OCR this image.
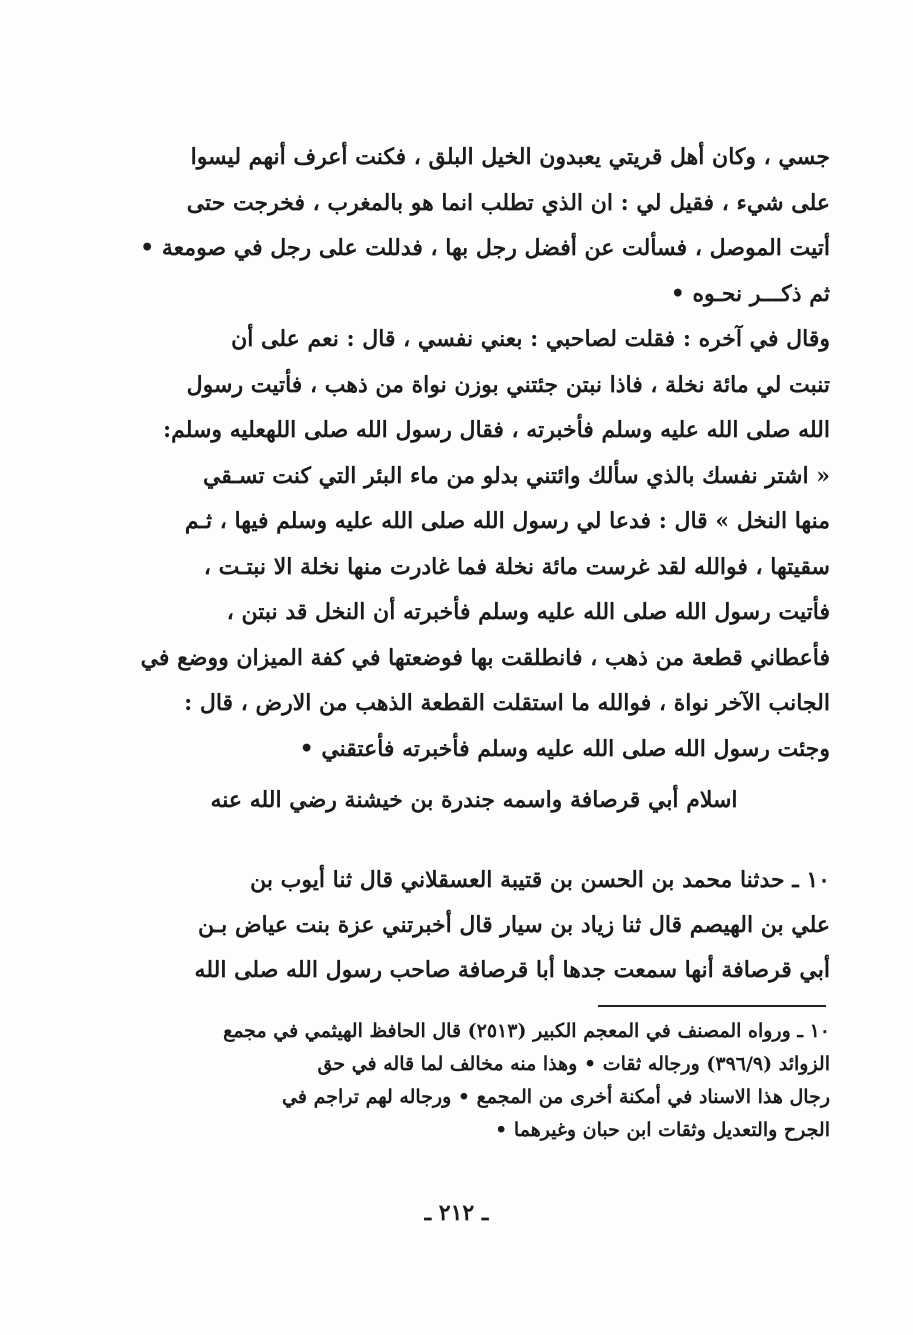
جسي ، وكان أهل قريتي يعبدون الخيل البلق ، فكنت أعرف أنهم ليسوا
على شيء ، فقيل لي : ان الذي تطلب انما هو بالمغرب ، فخرجت حتى
أتيت الموصل ، فسألت عن أفضل رجل بها ، فدللت على رجل في صومعة •
ثم ذكـــر نحـوه •
وقال في آخره : فقلت لصاحبي : بعني نفسي ، قال : نعم على أن
تنبت لي مائة نخلة ، فاذا نبتن جئتني بوزن نواة من ذهب ، فأتيت رسول
الله صلى الله عليه وسلم فأخبرته ، فقال رسول الله صلى اللهعليه وسلم:
« اشتر نفسك بالذي سألك وائتني بدلو من ماء البئر التي كنت تسـقي
منها النخل » قال : فدعا لي رسول الله صلى الله عليه وسلم فيها ، ثـم
سقيتها ، فوالله لقد غرست مائة نخلة فما غادرت منها نخلة الا نبتـت ،
فأتيت رسول الله صلى الله عليه وسلم فأخبرته أن النخل قد نبتن ،
فأعطاني قطعة من ذهب ، فانطلقت بها فوضعتها في كفة الميزان ووضع في
الجانب الآخر نواة ، فوالله ما استقلت القطعة الذهب من الارض ، قال :
وجئت رسول الله صلى الله عليه وسلم فأخبرته فأعتقني •
اسلام أبي قرصافة واسمه جندرة بن خيشنة رضي الله عنه
١٠ ـ حدثنا محمد بن الحسن بن قتيبة العسقلاني قال ثنا أيوب بن
علي بن الهيصم قال ثنا زياد بن سيار قال أخبرتني عزة بنت عياض بـن
أبي قرصافة أنها سمعت جدها أبا قرصافة صاحب رسول الله صلى الله
١٠ ـ ورواه المصنف في المعجم الكبير (٢٥١٣) قال الحافظ الهيثمي في مجمع
الزوائد (٣٩٦/٩) ورجاله ثقات • وهذا منه مخالف لما قاله في حق
رجال هذا الاسناد في أمكنة أخرى من المجمع • ورجاله لهم تراجم في
الجرح والتعديل وثقات ابن حبان وغيرهما •
ـ ٢١٢ ـ
